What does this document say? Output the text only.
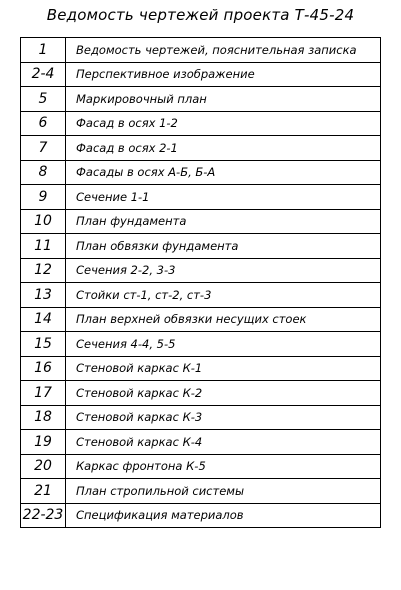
Ведомость чертежей проекта Т-45-24
1	Ведомость чертежей, пояснительная записка
2-4	Перспективное изображение
5	Маркировочный план
6	Фасад в осях 1-2
7	Фасад в осях 2-1
8	Фасады в осях А-Б, Б-А
9	Сечение 1-1
10	План фундамента
11	План обвязки фундамента
12	Сечения 2-2, 3-3
13	Стойки ст-1, ст-2, ст-3
14	План верхней обвязки несущих стоек
15	Сечения 4-4, 5-5
16	Стеновой каркас К-1
17	Стеновой каркас К-2
18	Стеновой каркас К-3
19	Стеновой каркас К-4
20	Каркас фронтона К-5
21	План стропильной системы
22-23	Спецификация материалов
